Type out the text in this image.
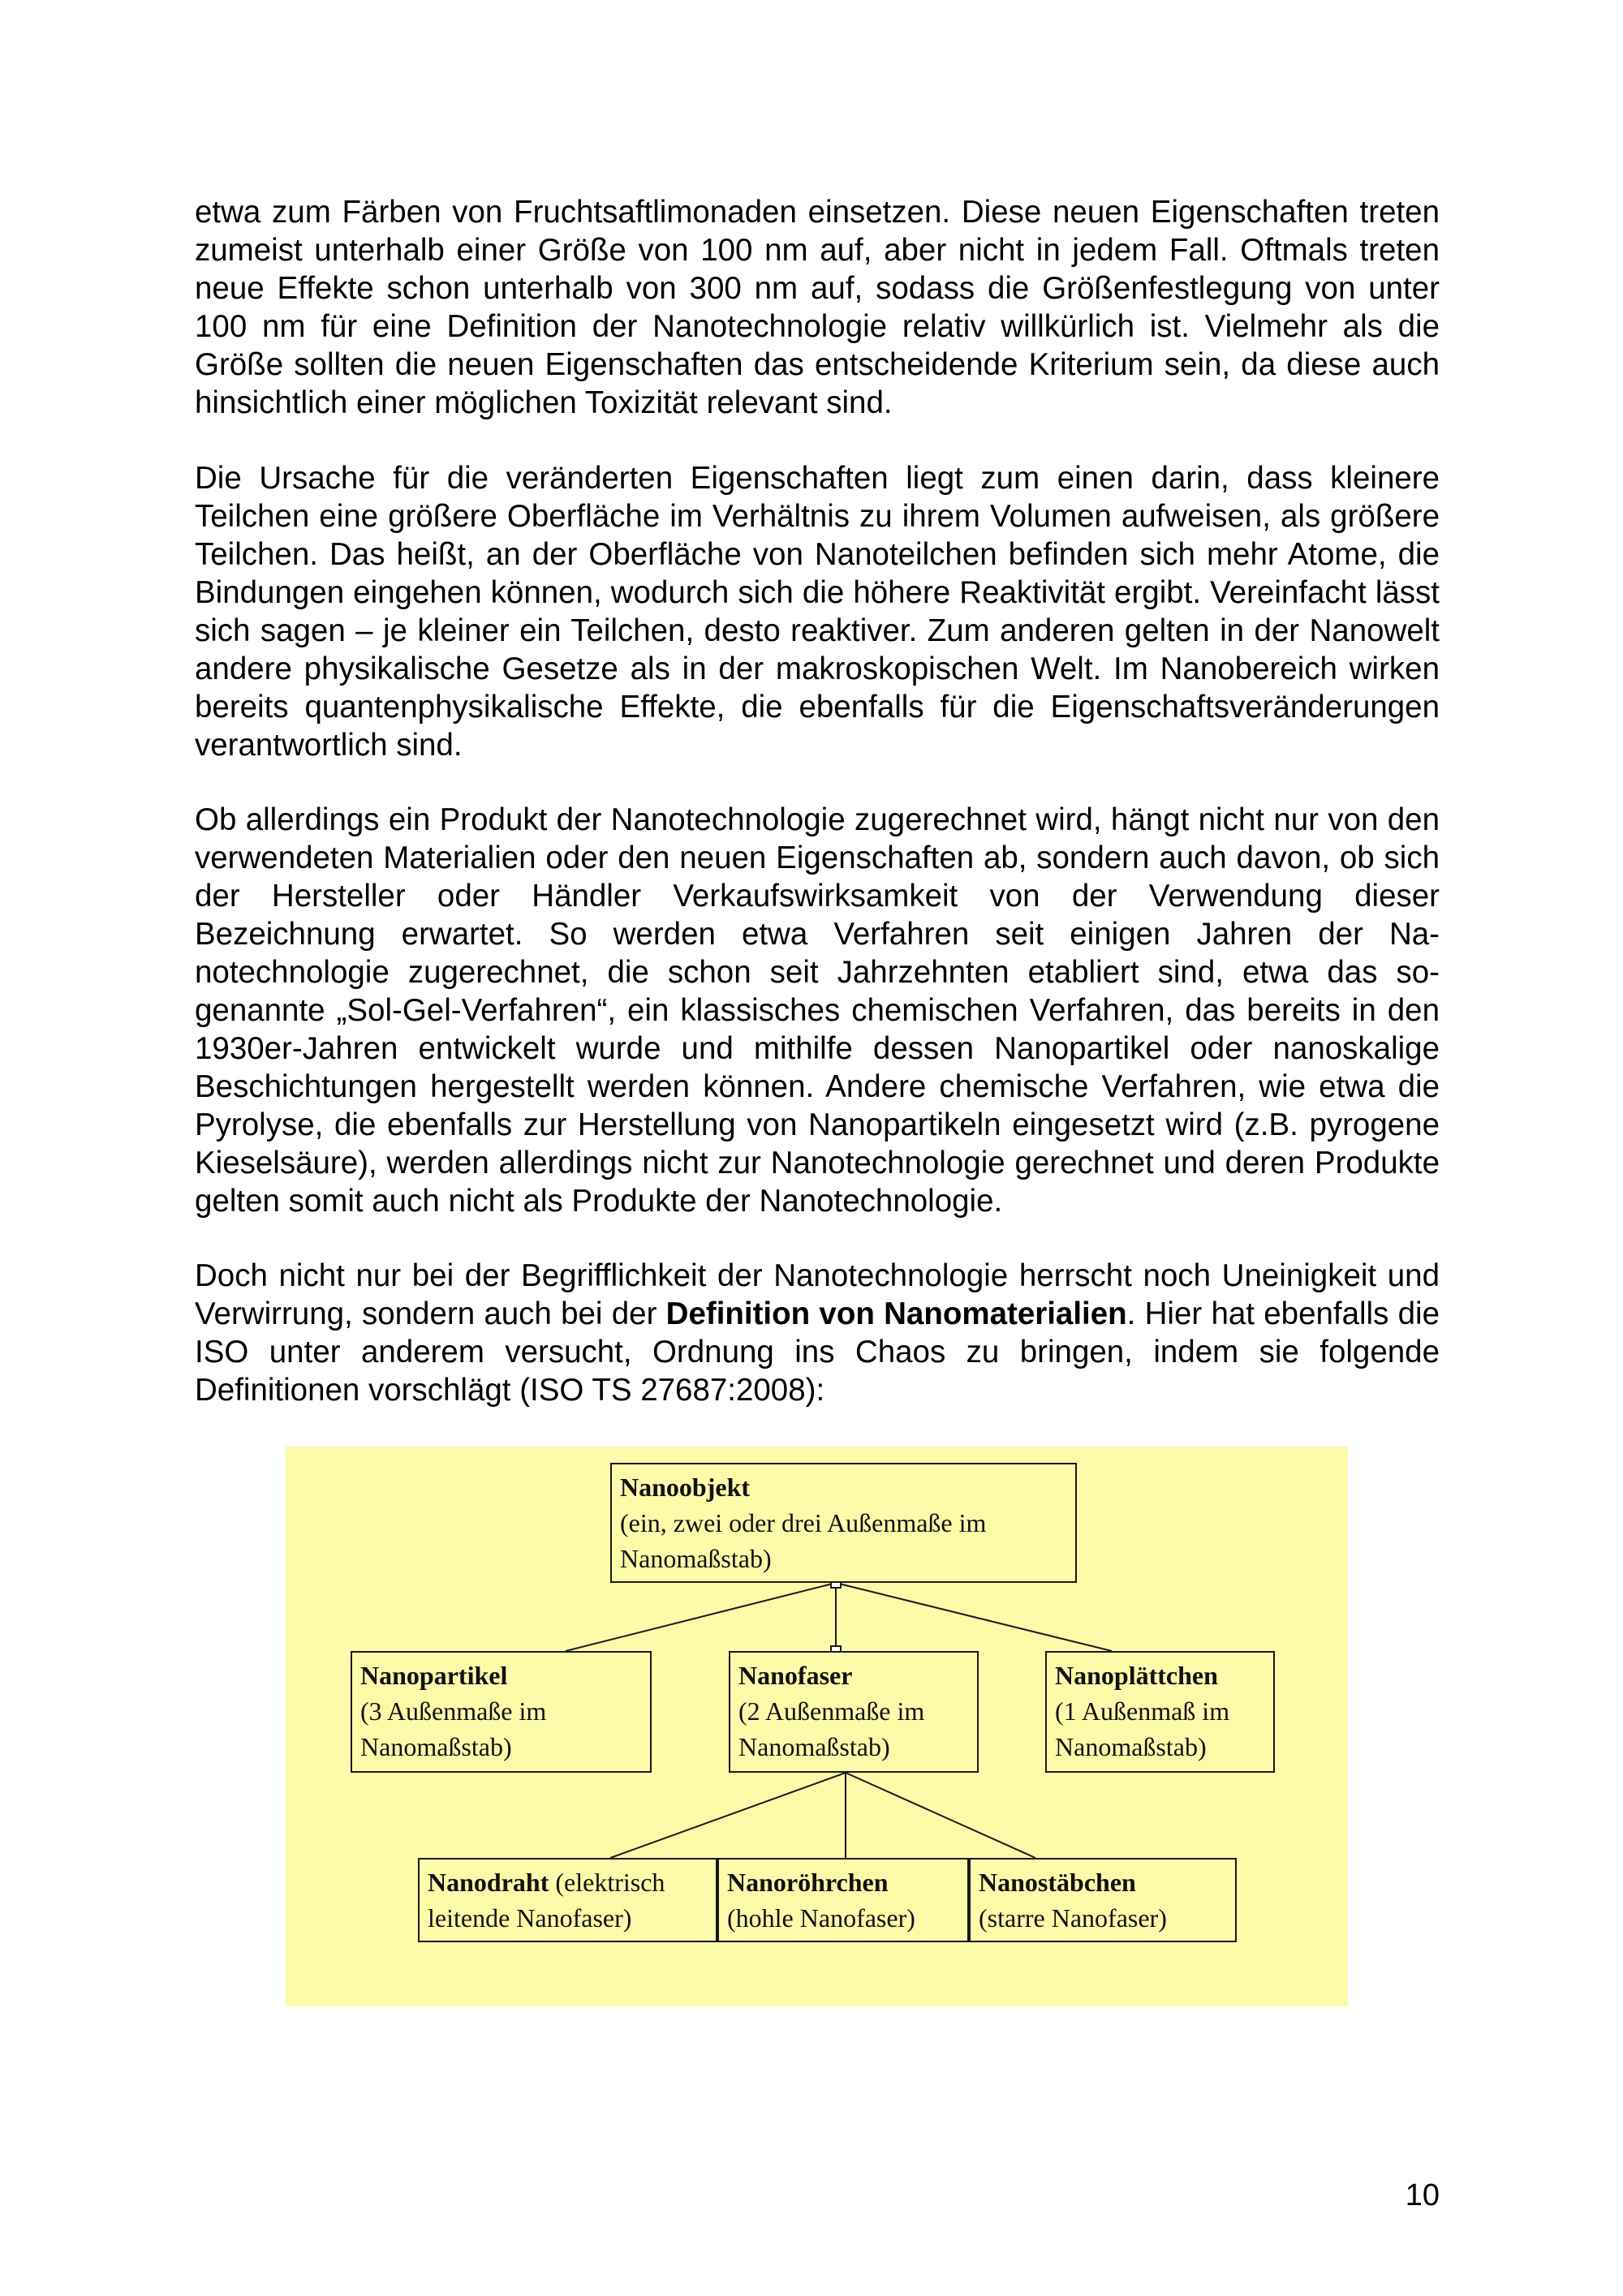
etwa zum Färben von Fruchtsaftlimonaden einsetzen. Diese neuen Eigenschaften treten zumeist unterhalb einer Größe von 100 nm auf, aber nicht in jedem Fall. Oftmals treten neue Effekte schon unterhalb von 300 nm auf, sodass die Größenfestlegung von unter 100 nm für eine Definition der Nanotechnologie relativ willkürlich ist. Vielmehr als die Größe sollten die neuen Eigenschaften das entscheidende Kriterium sein, da diese auch hinsichtlich einer möglichen Toxizität relevant sind.

Die Ursache für die veränderten Eigenschaften liegt zum einen darin, dass kleinere Teilchen eine größere Oberfläche im Verhältnis zu ihrem Volumen aufweisen, als größere Teilchen. Das heißt, an der Oberfläche von Nanoteilchen befinden sich mehr Atome, die Bindungen eingehen können, wodurch sich die höhere Reaktivität ergibt. Vereinfacht lässt sich sagen – je kleiner ein Teilchen, desto reaktiver. Zum anderen gelten in der Nanowelt andere physikalische Gesetze als in der makroskopischen Welt. Im Nanobereich wirken bereits quantenphysikalische Effekte, die ebenfalls für die Eigenschaftsveränderungen verantwortlich sind.

Ob allerdings ein Produkt der Nanotechnologie zugerechnet wird, hängt nicht nur von den verwendeten Materialien oder den neuen Eigenschaften ab, sondern auch davon, ob sich der Hersteller oder Händler Verkaufswirksamkeit von der Verwendung dieser Bezeichnung erwartet. So werden etwa Verfahren seit einigen Jahren der Nanotechnologie zugerechnet, die schon seit Jahrzehnten etabliert sind, etwa das sogenannte „Sol-Gel-Verfahren“, ein klassisches chemischen Verfahren, das bereits in den 1930er-Jahren entwickelt wurde und mithilfe dessen Nanopartikel oder nanoskalige Beschichtungen hergestellt werden können. Andere chemische Verfahren, wie etwa die Pyrolyse, die ebenfalls zur Herstellung von Nanopartikeln eingesetzt wird (z.B. pyrogene Kieselsäure), werden allerdings nicht zur Nanotechnologie gerechnet und deren Produkte gelten somit auch nicht als Produkte der Nanotechnologie.

Doch nicht nur bei der Begrifflichkeit der Nanotechnologie herrscht noch Uneinigkeit und Verwirrung, sondern auch bei der Definition von Nanomaterialien. Hier hat ebenfalls die ISO unter anderem versucht, Ordnung ins Chaos zu bringen, indem sie folgende Definitionen vorschlägt (ISO TS 27687:2008):

Nanoobjekt
(ein, zwei oder drei Außenmaße im Nanomaßstab)
Nanopartikel
(3 Außenmaße im Nanomaßstab)
Nanofaser
(2 Außenmaße im Nanomaßstab)
Nanoplättchen
(1 Außenmaß im Nanomaßstab)
Nanodraht (elektrisch leitende Nanofaser)
Nanoröhrchen
(hohle Nanofaser)
Nanostäbchen
(starre Nanofaser)
10
